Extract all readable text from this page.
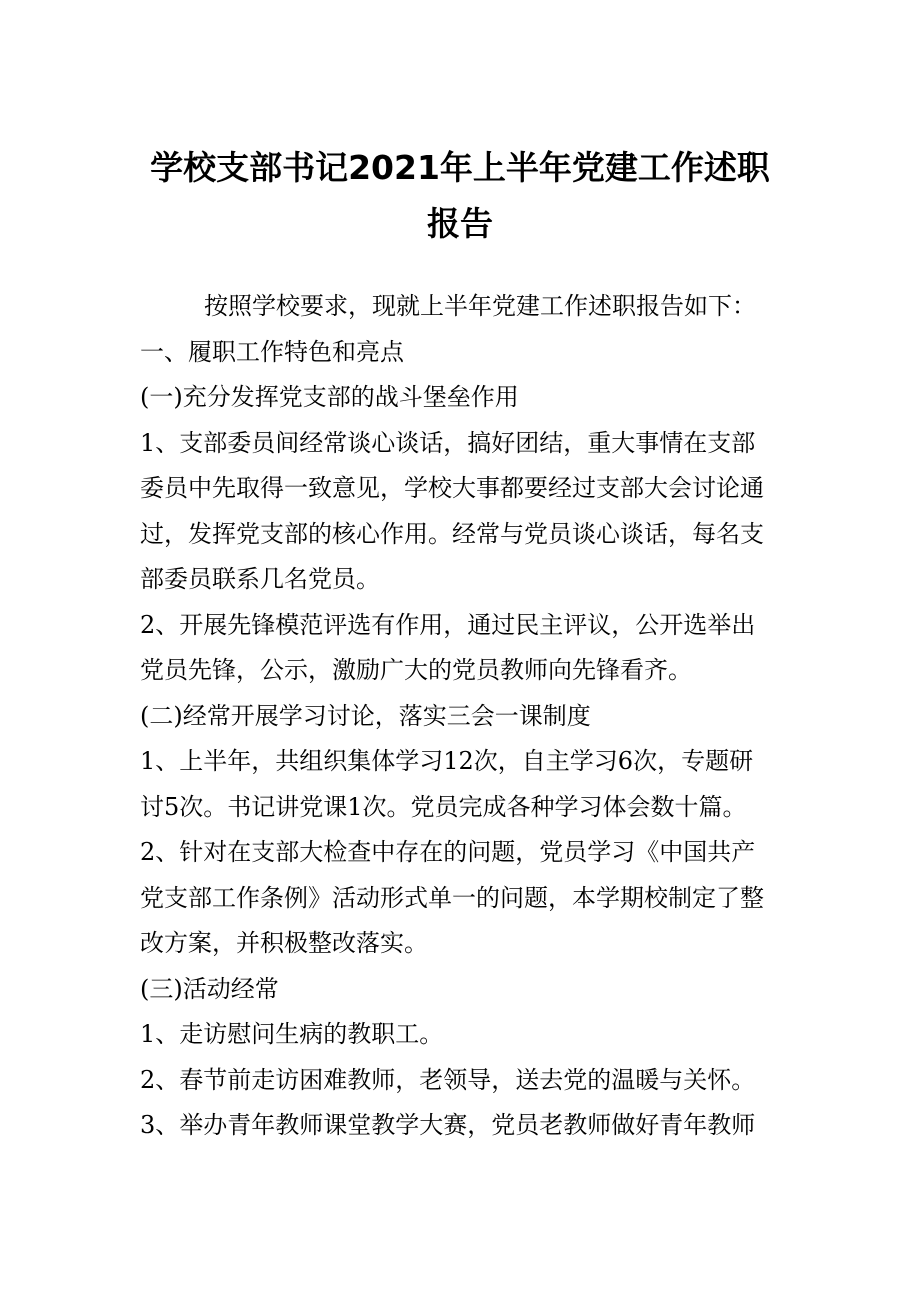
学校支部书记2021年上半年党建工作述职
报告

按照学校要求，现就上半年党建工作述职报告如下：

一、履职工作特色和亮点

(一)充分发挥党支部的战斗堡垒作用

1、支部委员间经常谈心谈话，搞好团结，重大事情在支部

委员中先取得一致意见，学校大事都要经过支部大会讨论通

过，发挥党支部的核心作用。经常与党员谈心谈话，每名支

部委员联系几名党员。

2、开展先锋模范评选有作用，通过民主评议，公开选举出

党员先锋，公示，激励广大的党员教师向先锋看齐。

(二)经常开展学习讨论，落实三会一课制度

1、上半年，共组织集体学习12次，自主学习6次，专题研

讨5次。书记讲党课1次。党员完成各种学习体会数十篇。

2、针对在支部大检查中存在的问题，党员学习《中国共产

党支部工作条例》活动形式单一的问题，本学期校制定了整

改方案，并积极整改落实。

(三)活动经常

1、走访慰问生病的教职工。

2、春节前走访困难教师，老领导，送去党的温暖与关怀。

3、举办青年教师课堂教学大赛，党员老教师做好青年教师
